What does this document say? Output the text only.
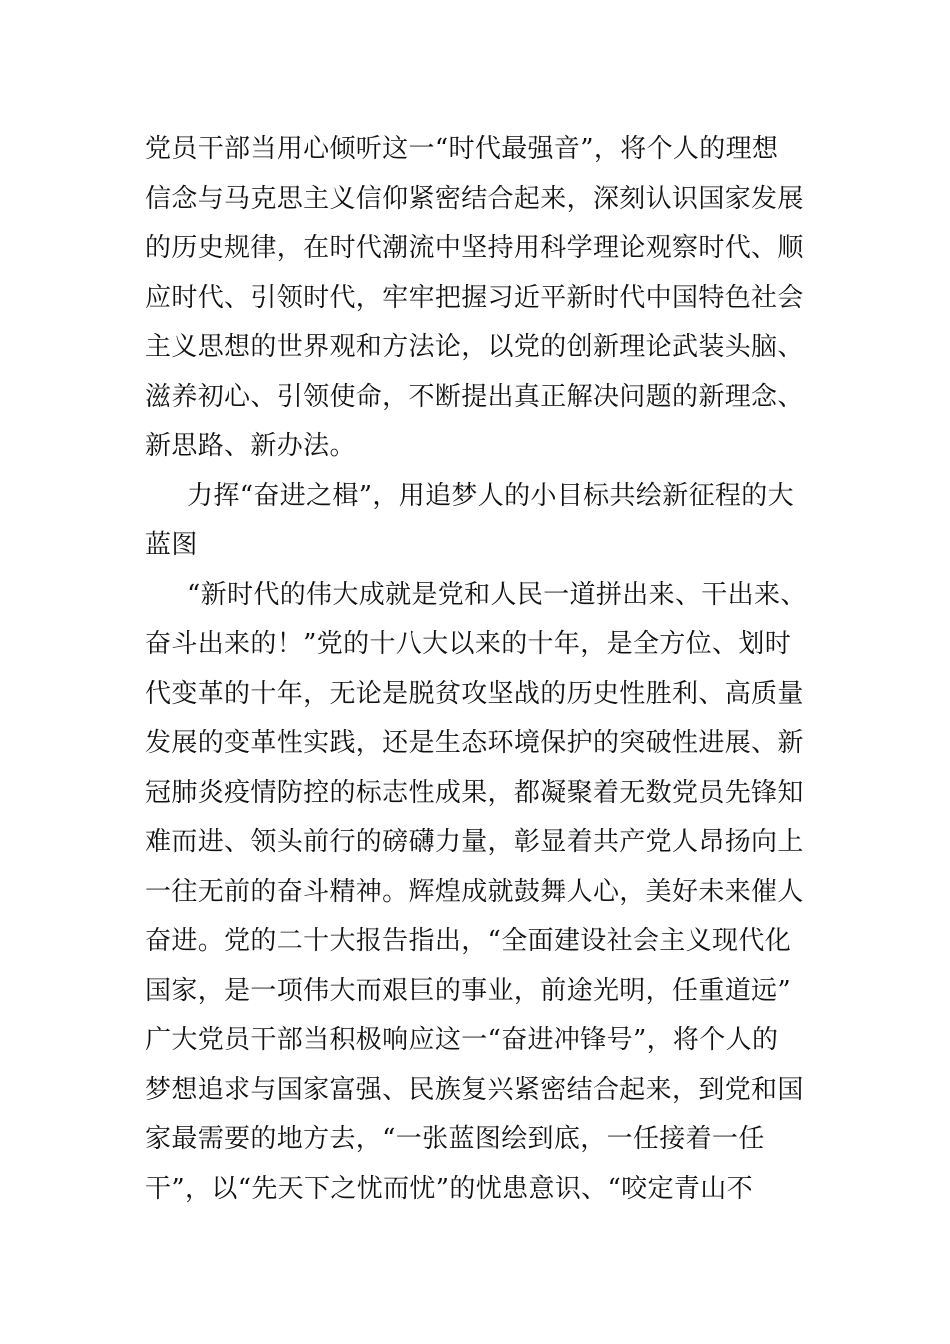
党员干部当用心倾听这一“时代最强音”，将个人的理想
信念与马克思主义信仰紧密结合起来，深刻认识国家发展
的历史规律，在时代潮流中坚持用科学理论观察时代、顺
应时代、引领时代，牢牢把握习近平新时代中国特色社会
主义思想的世界观和方法论，以党的创新理论武装头脑、
滋养初心、引领使命，不断提出真正解决问题的新理念、
新思路、新办法。
力挥“奋进之楫”，用追梦人的小目标共绘新征程的大
蓝图
“新时代的伟大成就是党和人民一道拼出来、干出来、
奋斗出来的！”党的十八大以来的十年，是全方位、划时
代变革的十年，无论是脱贫攻坚战的历史性胜利、高质量
发展的变革性实践，还是生态环境保护的突破性进展、新
冠肺炎疫情防控的标志性成果，都凝聚着无数党员先锋知
难而进、领头前行的磅礴力量，彰显着共产党人昂扬向上
一往无前的奋斗精神。辉煌成就鼓舞人心，美好未来催人
奋进。党的二十大报告指出，“全面建设社会主义现代化
国家，是一项伟大而艰巨的事业，前途光明，任重道远”
广大党员干部当积极响应这一“奋进冲锋号”，将个人的
梦想追求与国家富强、民族复兴紧密结合起来，到党和国
家最需要的地方去，“一张蓝图绘到底，一任接着一任
干”，以“先天下之忧而忧”的忧患意识、“咬定青山不
